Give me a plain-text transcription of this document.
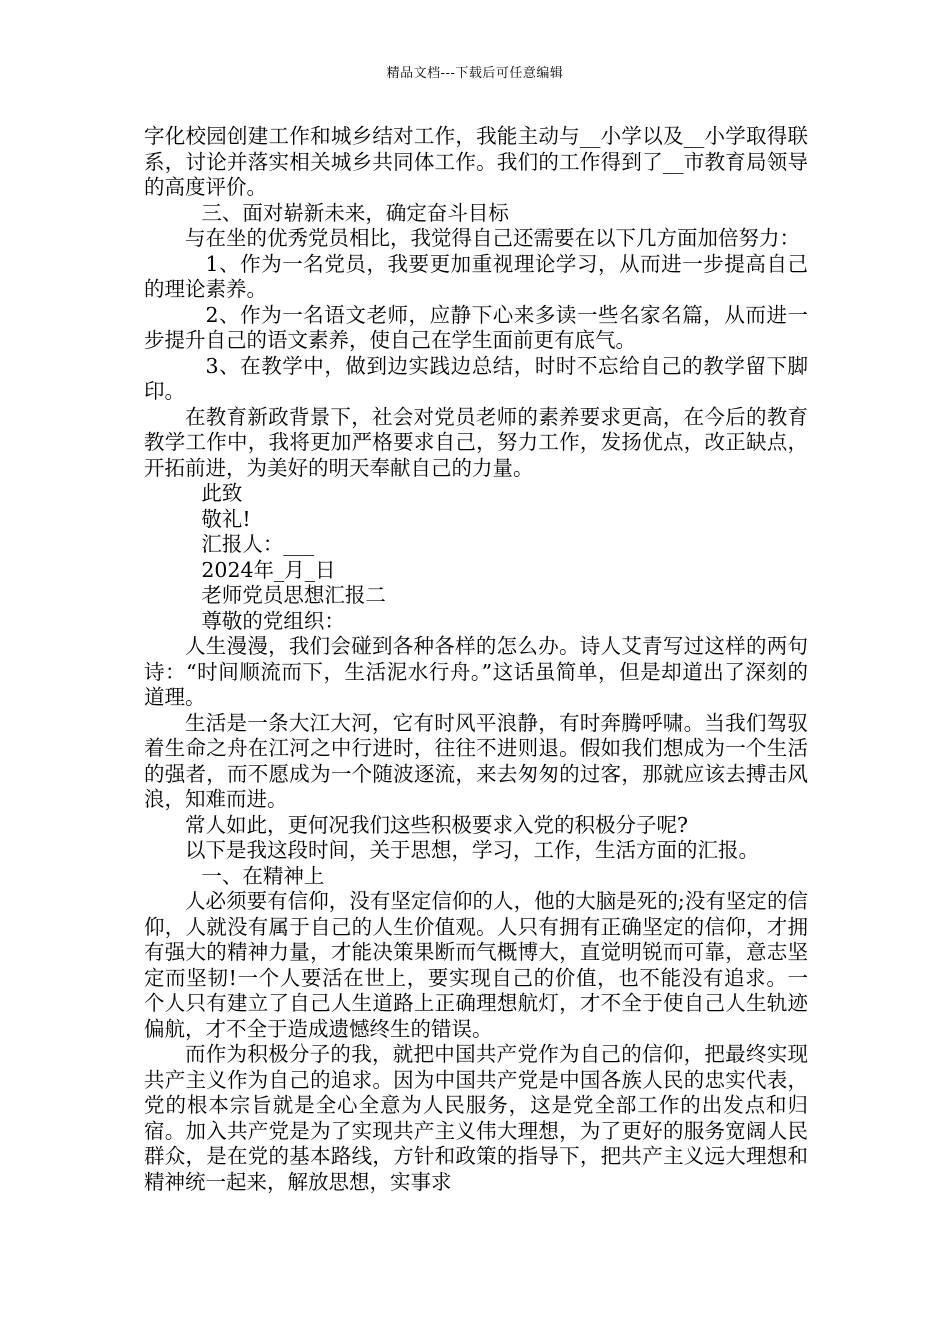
精品文档---下载后可任意编辑

字化校园创建工作和城乡结对工作，我能主动与__小学以及__小学取得联系，讨论并落实相关城乡共同体工作。我们的工作得到了__市教育局领导的高度评价。

三、面对崭新未来，确定奋斗目标

与在坐的优秀党员相比，我觉得自己还需要在以下几方面加倍努力：

1、作为一名党员，我要更加重视理论学习，从而进一步提高自己的理论素养。

2、作为一名语文老师，应静下心来多读一些名家名篇，从而进一步提升自己的语文素养，使自己在学生面前更有底气。

3、在教学中，做到边实践边总结，时时不忘给自己的教学留下脚印。

在教育新政背景下，社会对党员老师的素养要求更高，在今后的教育教学工作中，我将更加严格要求自己，努力工作，发扬优点，改正缺点，开拓前进，为美好的明天奉献自己的力量。

此致

敬礼!

汇报人：___

2024年_月_日

老师党员思想汇报二

尊敬的党组织：

人生漫漫，我们会碰到各种各样的怎么办。诗人艾青写过这样的两句诗：“时间顺流而下，生活泥水行舟。”这话虽简单，但是却道出了深刻的道理。

生活是一条大江大河，它有时风平浪静，有时奔腾呼啸。当我们驾驭着生命之舟在江河之中行进时，往往不进则退。假如我们想成为一个生活的强者，而不愿成为一个随波逐流，来去匆匆的过客，那就应该去搏击风浪，知难而进。

常人如此，更何况我们这些积极要求入党的积极分子呢?

以下是我这段时间，关于思想，学习，工作，生活方面的汇报。

一、在精神上

人必须要有信仰，没有坚定信仰的人，他的大脑是死的;没有坚定的信仰，人就没有属于自己的人生价值观。人只有拥有正确坚定的信仰，才拥有强大的精神力量，才能决策果断而气概博大，直觉明锐而可靠，意志坚定而坚韧!一个人要活在世上，要实现自己的价值，也不能没有追求。一个人只有建立了自己人生道路上正确理想航灯，才不全于使自己人生轨迹偏航，才不全于造成遗憾终生的错误。

而作为积极分子的我，就把中国共产党作为自己的信仰，把最终实现共产主义作为自己的追求。因为中国共产党是中国各族人民的忠实代表，党的根本宗旨就是全心全意为人民服务，这是党全部工作的出发点和归宿。加入共产党是为了实现共产主义伟大理想，为了更好的服务宽阔人民群众，是在党的基本路线，方针和政策的指导下，把共产主义远大理想和精神统一起来，解放思想，实事求
